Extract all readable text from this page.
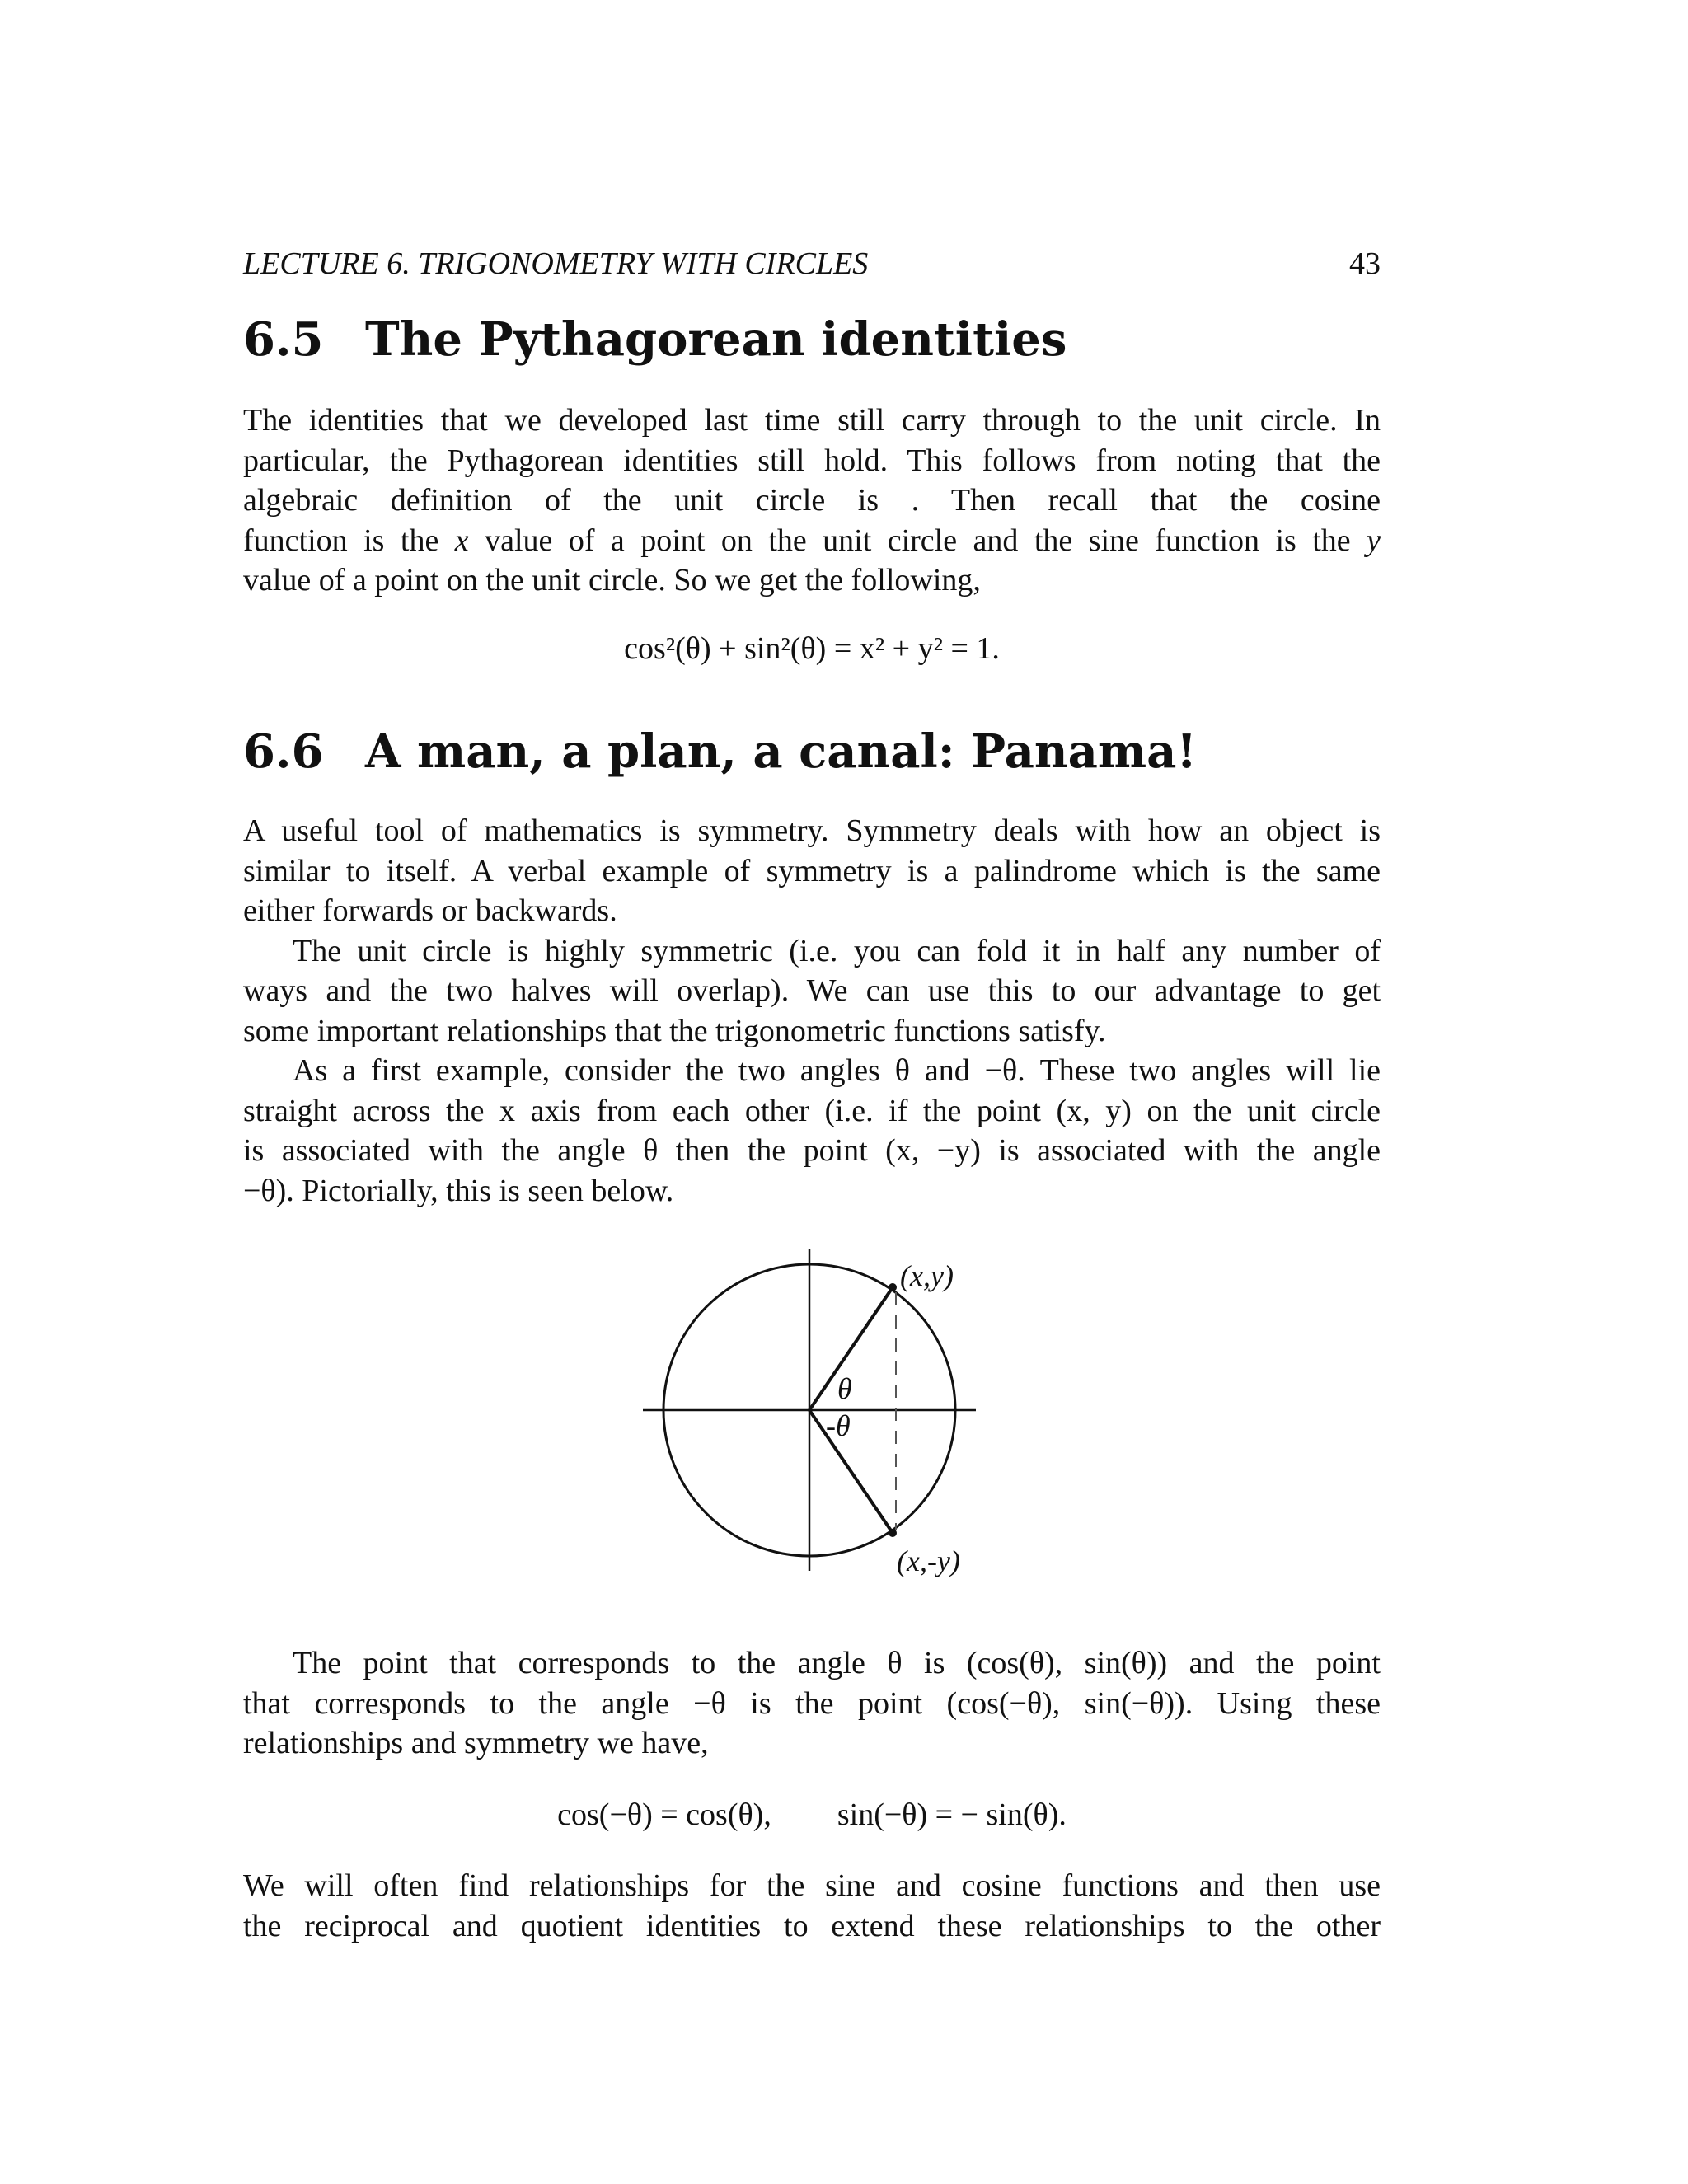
LECTURE 6. TRIGONOMETRY WITH CIRCLES	43
6.5 The Pythagorean identities
The identities that we developed last time still carry through to the unit circle. In
particular, the Pythagorean identities still hold. This follows from noting that the
algebraic definition of the unit circle is . Then recall that the cosine
function is the x value of a point on the unit circle and the sine function is the y
value of a point on the unit circle. So we get the following,
cos²(θ) + sin²(θ) = x² + y² = 1.
6.6 A man, a plan, a canal: Panama!
A useful tool of mathematics is symmetry. Symmetry deals with how an object is
similar to itself. A verbal example of symmetry is a palindrome which is the same
either forwards or backwards.
The unit circle is highly symmetric (i.e. you can fold it in half any number of
ways and the two halves will overlap). We can use this to our advantage to get
some important relationships that the trigonometric functions satisfy.
As a first example, consider the two angles θ and −θ. These two angles will lie
straight across the x axis from each other (i.e. if the point (x, y) on the unit circle
is associated with the angle θ then the point (x, −y) is associated with the angle
−θ). Pictorially, this is seen below.
(x,y)
(x,-y)
θ
-θ
The point that corresponds to the angle θ is (cos(θ), sin(θ)) and the point
that corresponds to the angle −θ is the point (cos(−θ), sin(−θ)). Using these
relationships and symmetry we have,
cos(−θ) = cos(θ), sin(−θ) = − sin(θ).
We will often find relationships for the sine and cosine functions and then use
the reciprocal and quotient identities to extend these relationships to the other
